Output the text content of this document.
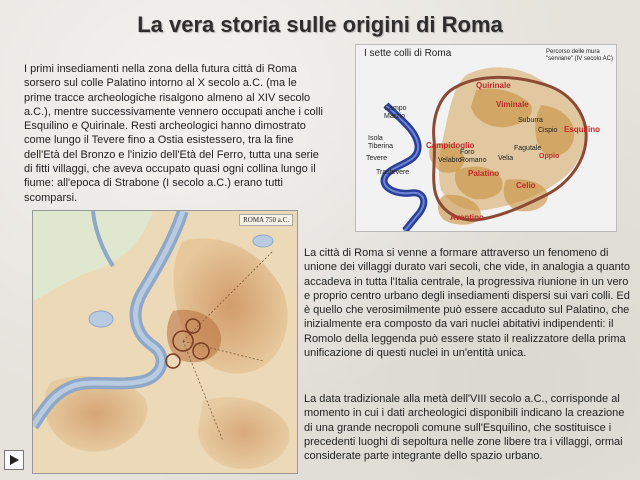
La vera storia sulle origini di Roma
I primi insediamenti nella zona della futura città di Roma sorsero sul colle Palatino intorno al X secolo a.C. (ma le prime tracce archeologiche risalgono almeno al XIV secolo a.C.), mentre successivamente vennero occupati anche i colli Esquilino e Quirinale. Resti archeologici hanno dimostrato come lungo il Tevere fino a Ostia esistessero, tra la fine dell'Età del Bronzo e l'inizio dell'Età del Ferro, tutta una serie di fitti villaggi, che aveva occupato quasi ogni collina lungo il fiume: all'epoca di Strabone (I secolo a.C.) erano tutti scomparsi.
I sette colli di Roma	Percorso delle mura "serviane" (IV secolo AC)
Quirinale
Viminale
Esquilino
Campidoglio
Palatino
Aventino
Celio
Oppio
Cispio
Fagutale
Velia
Velabro
Suburra
Foro Romano
Campo Marzio
Isola Tiberina
Tevere
Trastevere
ROMA 750 a.C.
La città di Roma si venne a formare attraverso un fenomeno di unione dei villaggi durato vari secoli, che vide, in analogia a quanto accadeva in tutta l'Italia centrale, la progressiva riunione in un vero e proprio centro urbano degli insediamenti dispersi sui vari colli. Ed è quello che verosimilmente può essere accaduto sul Palatino, che inizialmente era composto da vari nuclei abitativi indipendenti: il Romolo della leggenda può essere stato il realizzatore della prima unificazione di questi nuclei in un'entità unica.
La data tradizionale alla metà dell'VIII secolo a.C., corrisponde al momento in cui i dati archeologici disponibili indicano la creazione di una grande necropoli comune sull'Esquilino, che sostituisce i precedenti luoghi di sepoltura nelle zone libere tra i villaggi, ormai considerate parte integrante dello spazio urbano.
